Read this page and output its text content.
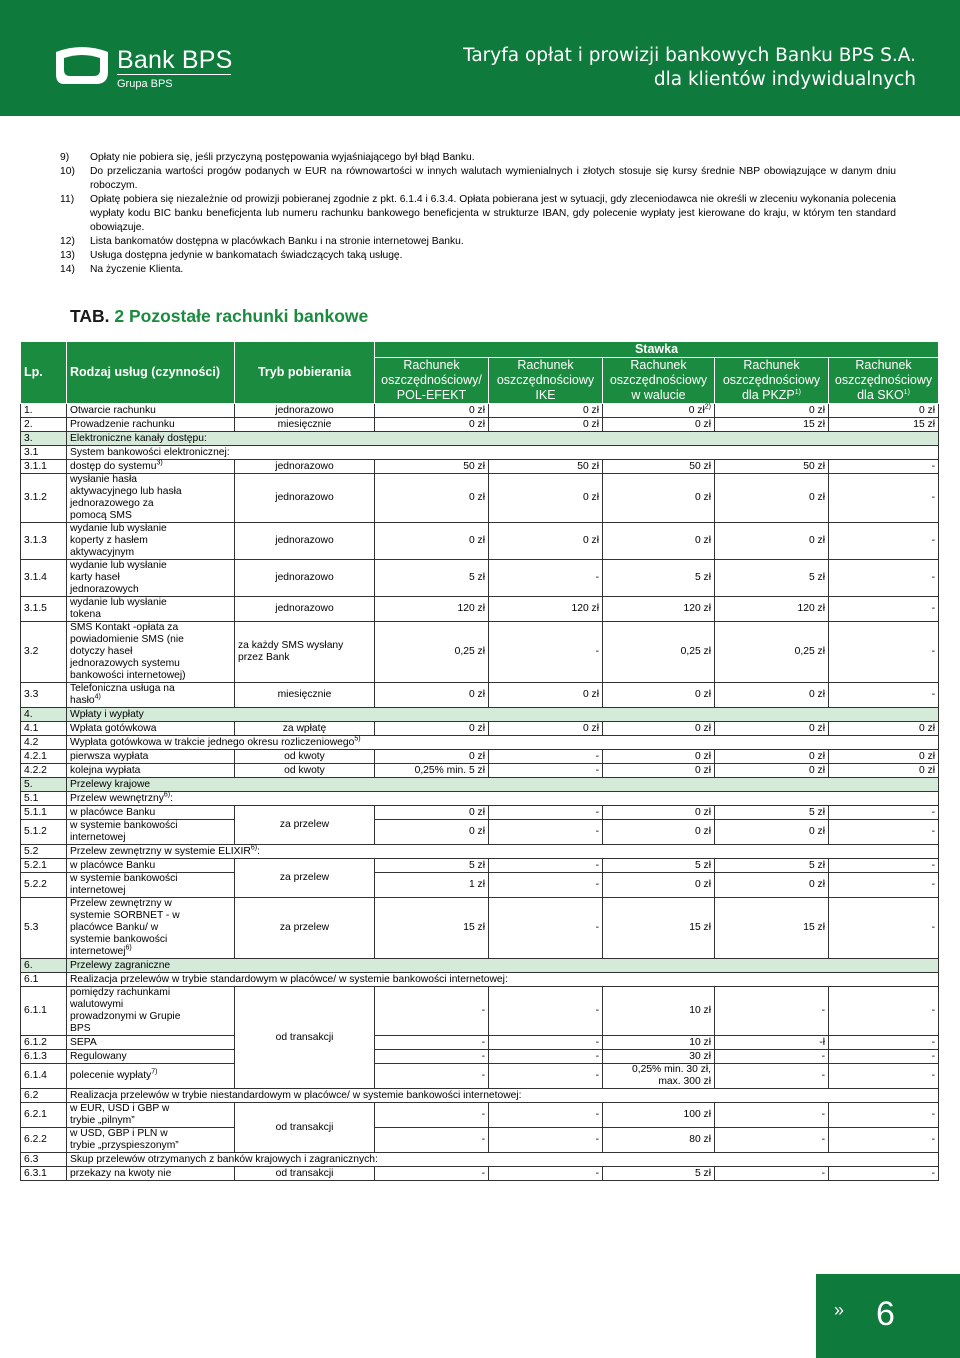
Bank BPS
Grupa BPS
Taryfa opłat i prowizji bankowych Banku BPS S.A.
dla klientów indywidualnych
9)	Opłaty nie pobiera się, jeśli przyczyną postępowania wyjaśniającego był błąd Banku.
10)	Do przeliczania wartości progów podanych w EUR na równowartości w innych walutach wymienialnych i złotych stosuje się kursy średnie NBP obowiązujące w danym dniu roboczym.
11)	Opłatę pobiera się niezależnie od prowizji pobieranej zgodnie z pkt. 6.1.4 i 6.3.4. Opłata pobierana jest w sytuacji, gdy zleceniodawca nie określi w zleceniu wykonania polecenia wypłaty kodu BIC banku beneficjenta lub numeru rachunku bankowego beneficjenta w strukturze IBAN, gdy polecenie wypłaty jest kierowane do kraju, w którym ten standard obowiązuje.
12)	Lista bankomatów dostępna w placówkach Banku i na stronie internetowej Banku.
13)	Usługa dostępna jedynie w bankomatach świadczących taką usługę.
14)	Na życzenie Klienta.
TAB. 2 Pozostałe rachunki bankowe
Lp.	Rodzaj usług (czynności)	Tryb pobierania	Stawka				
			Rachunek
oszczędnościowy/
POL-EFEKT	Rachunek
oszczędnościowy
IKE	Rachunek
oszczędnościowy
w walucie	Rachunek
oszczędnościowy
dla PKZP$^{1)}$	Rachunek
oszczędnościowy
dla SKO$^{1)}$
1.	Otwarcie rachunku	jednorazowo	0 zł	0 zł	0 $zł^{2)}$	0 zł	0 zł
2.	Prowadzenie rachunku	miesięcznie	0 zł	0 zł	0 zł	15 zł	15 zł
3.	Elektroniczne kanały dostępu:						
3.1	System bankowości elektronicznej:						
3.1.1	dostęp do systemu$^{3)}$	jednorazowo	50 zł	50 zł	50 zł	50 zł	-
3.1.2	wysłanie hasła
aktywacyjnego lub hasła
jednorazowego za
pomocą SMS	jednorazowo	0 zł	0 zł	0 zł	0 zł	-
3.1.3	wydanie lub wysłanie
koperty z hasłem
aktywacyjnym	jednorazowo	0 zł	0 zł	0 zł	0 zł	-
3.1.4	wydanie lub wysłanie
karty haseł
jednorazowych	jednorazowo	5 zł	-	5 zł	5 zł	-
3.1.5	wydanie lub wysłanie
tokena	jednorazowo	120 zł	120 zł	120 zł	120 zł	-
3.2	SMS Kontakt -opłata za
powiadomienie SMS (nie
dotyczy haseł
jednorazowych systemu
bankowości internetowej)	za każdy SMS wysłany
przez Bank	0,25 zł	-	0,25 zł	0,25 zł	-
3.3	Telefoniczna usługa na
hasło$^{4)}$	miesięcznie	0 zł	0 zł	0 zł	0 zł	-
4.	Wpłaty i wypłaty						
4.1	Wpłata gotówkowa	za wpłatę	0 zł	0 zł	0 zł	0 zł	0 zł
4.2	Wypłata gotówkowa w trakcie jednego okresu rozliczeniowego$^{5)}$
4.2.1	pierwsza wypłata	od kwoty	0 zł	-	0 zł	0 zł	0 zł
4.2.2	kolejna wypłata	od kwoty	0,25% min. 5 zł	-	0 zł	0 zł	0 zł
5.	Przelewy krajowe						
5.1	Przelew wewnętrzny$^{6)}$:						
5.1.1	w placówce Banku	za przelew	0 zł	-	0 zł	5 zł	-
5.1.2	w systemie bankowości
internetowej		0 zł	-	0 zł	0 zł	-
5.2	Przelew zewnętrzny w systemie ELIXIR$^{6)}$:						
5.2.1	w placówce Banku	za przelew	5 zł	-	5 zł	5 zł	-
5.2.2	w systemie bankowości
internetowej		1 zł	-	0 zł	0 zł	-
5.3	Przelew zewnętrzny w
systemie SORBNET - w
placówce Banku/ w
systemie bankowości
internetowej$^{6)}$	za przelew	15 zł	-	15 zł	15 zł	-
6.	Przelewy zagraniczne						
6.1	Realizacja przelewów w trybie standardowym w placówce/ w systemie bankowości internetowej:						
6.1.1	pomiędzy rachunkami
walutowymi
prowadzonymi w Grupie
BPS	od transakcji	-	-	10 zł	-	-
6.1.2	SEPA		-	-	10 zł	-ł	-
6.1.3	Regulowany		-	-	30 zł	-	-
6.1.4	polecenie wypłaty$^{7)}$		-	-	0,25% min. 30 zł,
max. 300 zł	-	-
6.2	Realizacja przelewów w trybie niestandardowym w placówce/ w systemie bankowości internetowej:						
6.2.1	w EUR, USD i GBP w
trybie „pilnym”	od transakcji	-	-	100 zł	-	-
6.2.2	w USD, GBP i PLN w
trybie „przyspieszonym”		-	-	80 zł	-	-
6.3	Skup przelewów otrzymanych z banków krajowych i zagranicznych:						
6.3.1	przekazy na kwoty nie	od transakcji	-	-	5 zł	-	-
» 6
